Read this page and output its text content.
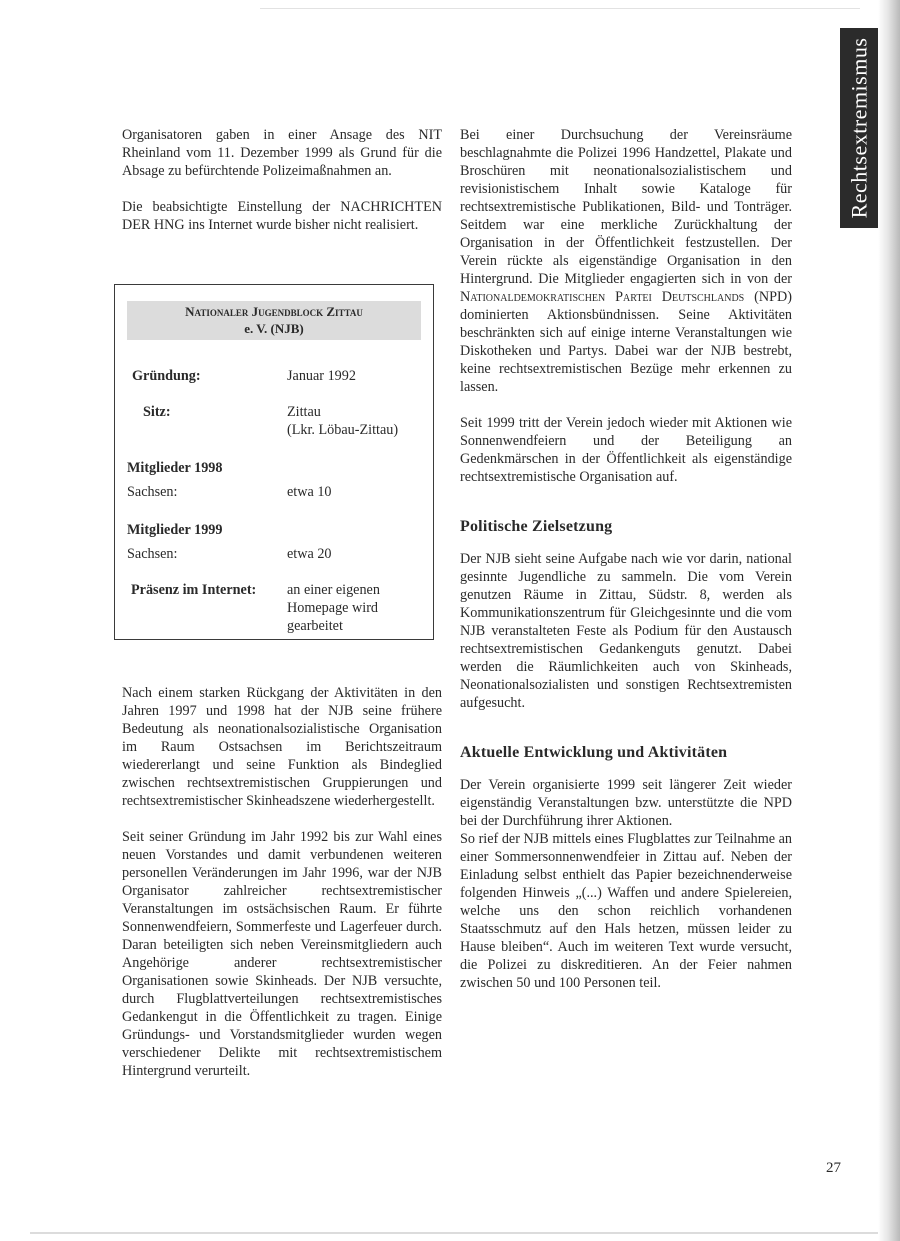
Rechtsextremismus

Organisatoren gaben in einer Ansage des NIT Rheinland vom 11. Dezember 1999 als Grund für die Absage zu befürchtende Polizeimaßnahmen an.

Die beabsichtigte Einstellung der NACHRICHTEN DER HNG ins Internet wurde bisher nicht realisiert.

Nationaler Jugendblock Zittau
e. V. (NJB)
Gründung:	Januar 1992
Sitz:	Zittau
(Lkr. Löbau-Zittau)
Mitglieder 1998
Sachsen:	etwa 10
Mitglieder 1999
Sachsen:	etwa 20
Präsenz im Internet: an einer eigenen
Homepage wird
gearbeitet

Nach einem starken Rückgang der Aktivitäten in den Jahren 1997 und 1998 hat der NJB seine frühere Bedeutung als neonationalsozialistische Organisation im Raum Ostsachsen im Berichtszeitraum wiedererlangt und seine Funktion als Bindeglied zwischen rechtsextremistischen Gruppierungen und rechtsextremistischer Skinheadszene wiederhergestellt.

Seit seiner Gründung im Jahr 1992 bis zur Wahl eines neuen Vorstandes und damit verbundenen weiteren personellen Veränderungen im Jahr 1996, war der NJB Organisator zahlreicher rechtsextremistischer Veranstaltungen im ostsächsischen Raum. Er führte Sonnenwendfeiern, Sommerfeste und Lagerfeuer durch. Daran beteiligten sich neben Vereinsmitgliedern auch Angehörige anderer rechtsextremistischer Organisationen sowie Skinheads. Der NJB versuchte, durch Flugblattverteilungen rechtsextremistisches Gedankengut in die Öffentlichkeit zu tragen. Einige Gründungs- und Vorstandsmitglieder wurden wegen verschiedener Delikte mit rechtsextremistischem Hintergrund verurteilt.

Bei einer Durchsuchung der Vereinsräume beschlagnahmte die Polizei 1996 Handzettel, Plakate und Broschüren mit neonationalsozialistischem und revisionistischem Inhalt sowie Kataloge für rechtsextremistische Publikationen, Bild- und Tonträger. Seitdem war eine merkliche Zurückhaltung der Organisation in der Öffentlichkeit festzustellen. Der Verein rückte als eigenständige Organisation in den Hintergrund. Die Mitglieder engagierten sich in von der Nationaldemokratischen Partei Deutschlands (NPD) dominierten Aktionsbündnissen. Seine Aktivitäten beschränkten sich auf einige interne Veranstaltungen wie Diskotheken und Partys. Dabei war der NJB bestrebt, keine rechtsextremistischen Bezüge mehr erkennen zu lassen.

Seit 1999 tritt der Verein jedoch wieder mit Aktionen wie Sonnenwendfeiern und der Beteiligung an Gedenkmärschen in der Öffentlichkeit als eigenständige rechtsextremistische Organisation auf.

Politische Zielsetzung

Der NJB sieht seine Aufgabe nach wie vor darin, national gesinnte Jugendliche zu sammeln. Die vom Verein genutzen Räume in Zittau, Südstr. 8, werden als Kommunikationszentrum für Gleichgesinnte und die vom NJB veranstalteten Feste als Podium für den Austausch rechtsextremistischen Gedankenguts genutzt. Dabei werden die Räumlichkeiten auch von Skinheads, Neonationalsozialisten und sonstigen Rechtsextremisten aufgesucht.

Aktuelle Entwicklung und Aktivitäten

Der Verein organisierte 1999 seit längerer Zeit wieder eigenständig Veranstaltungen bzw. unterstützte die NPD bei der Durchführung ihrer Aktionen.

So rief der NJB mittels eines Flugblattes zur Teilnahme an einer Sommersonnenwendfeier in Zittau auf. Neben der Einladung selbst enthielt das Papier bezeichnenderweise folgenden Hinweis „(...) Waffen und andere Spielereien, welche uns den schon reichlich vorhandenen Staatsschmutz auf den Hals hetzen, müssen leider zu Hause bleiben“. Auch im weiteren Text wurde versucht, die Polizei zu diskreditieren. An der Feier nahmen zwischen 50 und 100 Personen teil.

27
